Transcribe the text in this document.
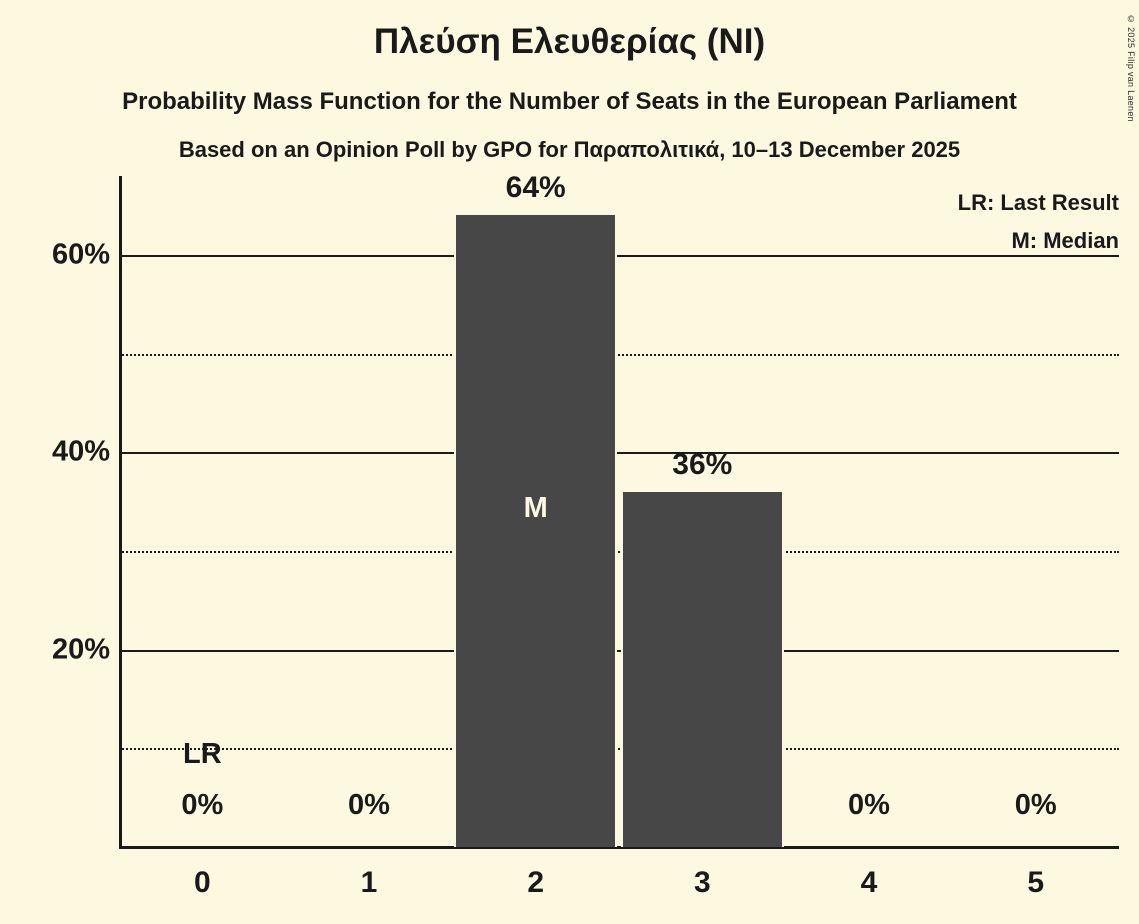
© 2025 Filip van Laenen
Πλεύση Ελευθερίας (ΝΙ)
Probability Mass Function for the Number of Seats in the European Parliament
Based on an Opinion Poll by GPO for Παραπολιτικά, 10–13 December 2025
LR: Last Result
M: Median
0%	0%
64%
36%
0%	0%
M
LR
20%
40%
60%
0	1	2	3	4	5
